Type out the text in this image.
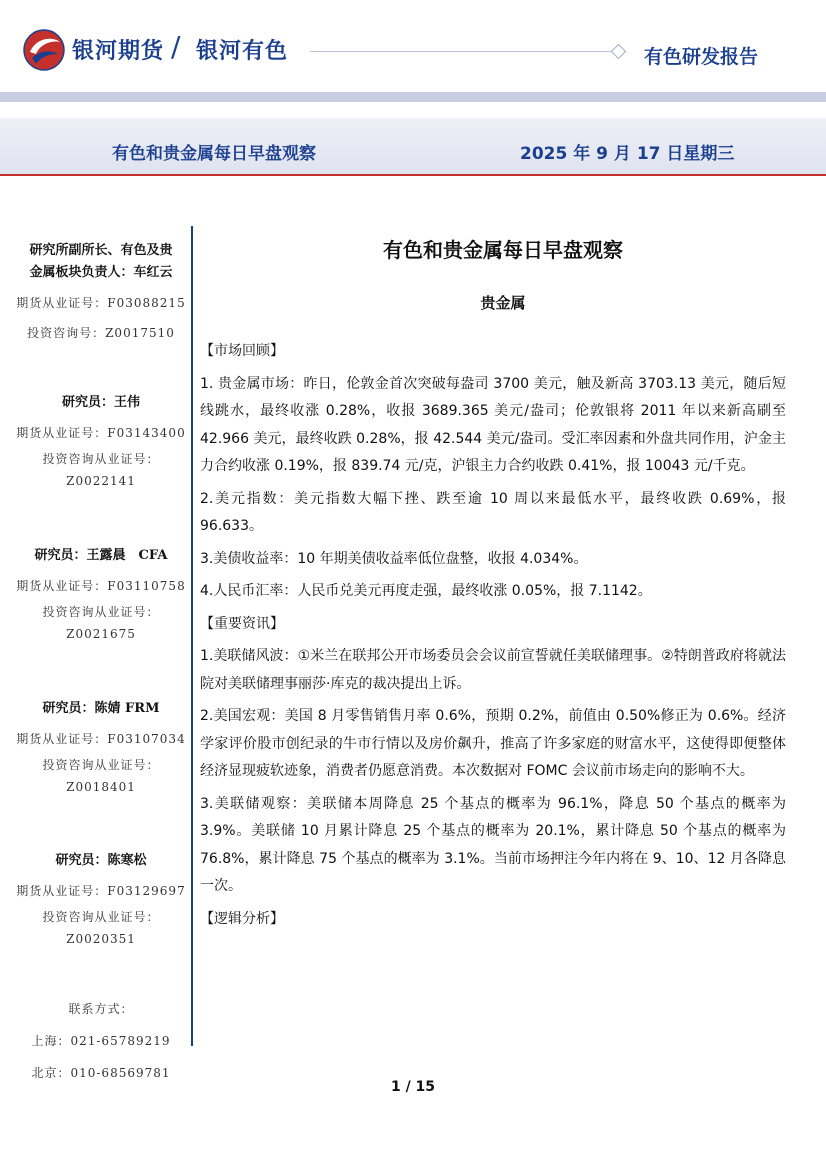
银河期货 / 银河有色	有色研发报告
有色和贵金属每日早盘观察	2025 年 9 月 17 日星期三
研究所副所长、有色及贵
金属板块负责人：车红云
期货从业证号：F03088215
投资咨询号：Z0017510
研究员：王伟
期货从业证号：F03143400
投资咨询从业证号：
Z0022141
研究员：王露晨　CFA
期货从业证号：F03110758
投资咨询从业证号：
Z0021675
研究员：陈婧 FRM
期货从业证号：F03107034
投资咨询从业证号：
Z0018401
研究员：陈寒松
期货从业证号：F03129697
投资咨询从业证号：
Z0020351
联系方式：
上海：021-65789219
北京：010-68569781
有色和贵金属每日早盘观察
贵金属

【市场回顾】

1. 贵金属市场：昨日，伦敦金首次突破每盎司 3700 美元，触及新高 3703.13 美元，随后短线跳水，最终收涨 0.28%，收报 3689.365 美元/盎司；伦敦银将 2011 年以来新高刷至 42.966 美元，最终收跌 0.28%，报 42.544 美元/盎司。受汇率因素和外盘共同作用，沪金主力合约收涨 0.19%，报 839.74 元/克，沪银主力合约收跌 0.41%，报 10043 元/千克。

2.美元指数：美元指数大幅下挫、跌至逾 10 周以来最低水平，最终收跌 0.69%，报 96.633。

3.美债收益率：10 年期美债收益率低位盘整，收报 4.034%。

4.人民币汇率：人民币兑美元再度走强，最终收涨 0.05%，报 7.1142。

【重要资讯】

1.美联储风波：①米兰在联邦公开市场委员会会议前宣誓就任美联储理事。②特朗普政府将就法院对美联储理事丽莎·库克的裁决提出上诉。

2.美国宏观：美国 8 月零售销售月率 0.6%，预期 0.2%，前值由 0.50%修正为 0.6%。经济学家评价股市创纪录的牛市行情以及房价飙升，推高了许多家庭的财富水平，这使得即便整体经济显现疲软迹象，消费者仍愿意消费。本次数据对 FOMC 会议前市场走向的影响不大。

3.美联储观察：美联储本周降息 25 个基点的概率为 96.1%，降息 50 个基点的概率为 3.9%。美联储 10 月累计降息 25 个基点的概率为 20.1%，累计降息 50 个基点的概率为 76.8%，累计降息 75 个基点的概率为 3.1%。当前市场押注今年内将在 9、10、12 月各降息一次。

【逻辑分析】

1 / 15
